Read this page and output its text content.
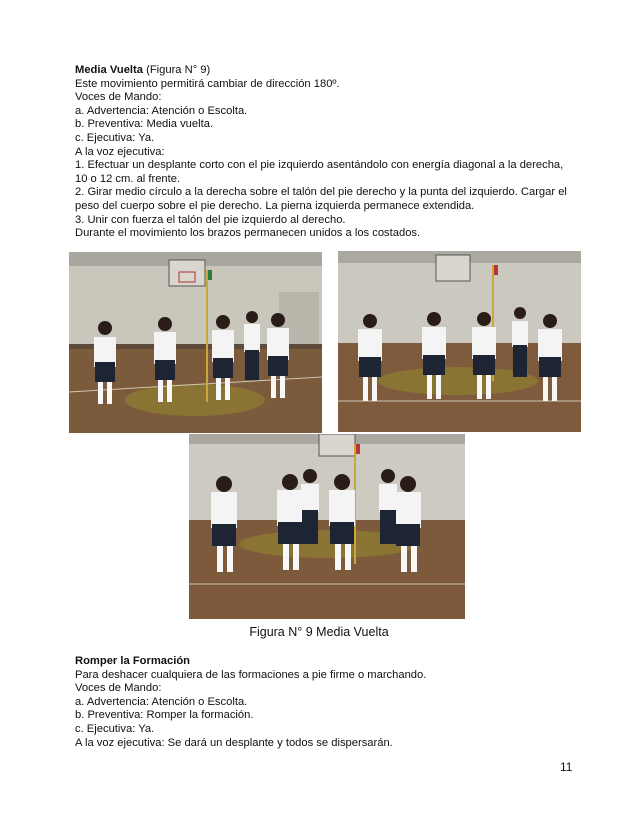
Media Vuelta (Figura N° 9)

Este movimiento permitirá cambiar de dirección 180º.

Voces de Mando:

a. Advertencia: Atención o Escolta.

b. Preventiva: Media vuelta.

c. Ejecutiva: Ya.

A la voz ejecutiva:

1. Efectuar un desplante corto con el pie izquierdo asentándolo con energía diagonal a la derecha,

10 o 12 cm. al frente.

2. Girar medio círculo a la derecha sobre el talón del pie derecho y la punta del izquierdo. Cargar el

peso del cuerpo sobre el pie derecho. La pierna izquierda permanece extendida.

3. Unir con fuerza el talón del pie izquierdo al derecho.

Durante el movimiento los brazos permanecen unidos a los costados.

Figura N° 9 Media Vuelta

Romper la Formación

Para deshacer cualquiera de las formaciones a pie firme o marchando.

Voces de Mando:

a. Advertencia: Atención o Escolta.

b. Preventiva: Romper la formación.

c. Ejecutiva: Ya.

A la voz ejecutiva: Se dará un desplante y todos se dispersarán.

11
